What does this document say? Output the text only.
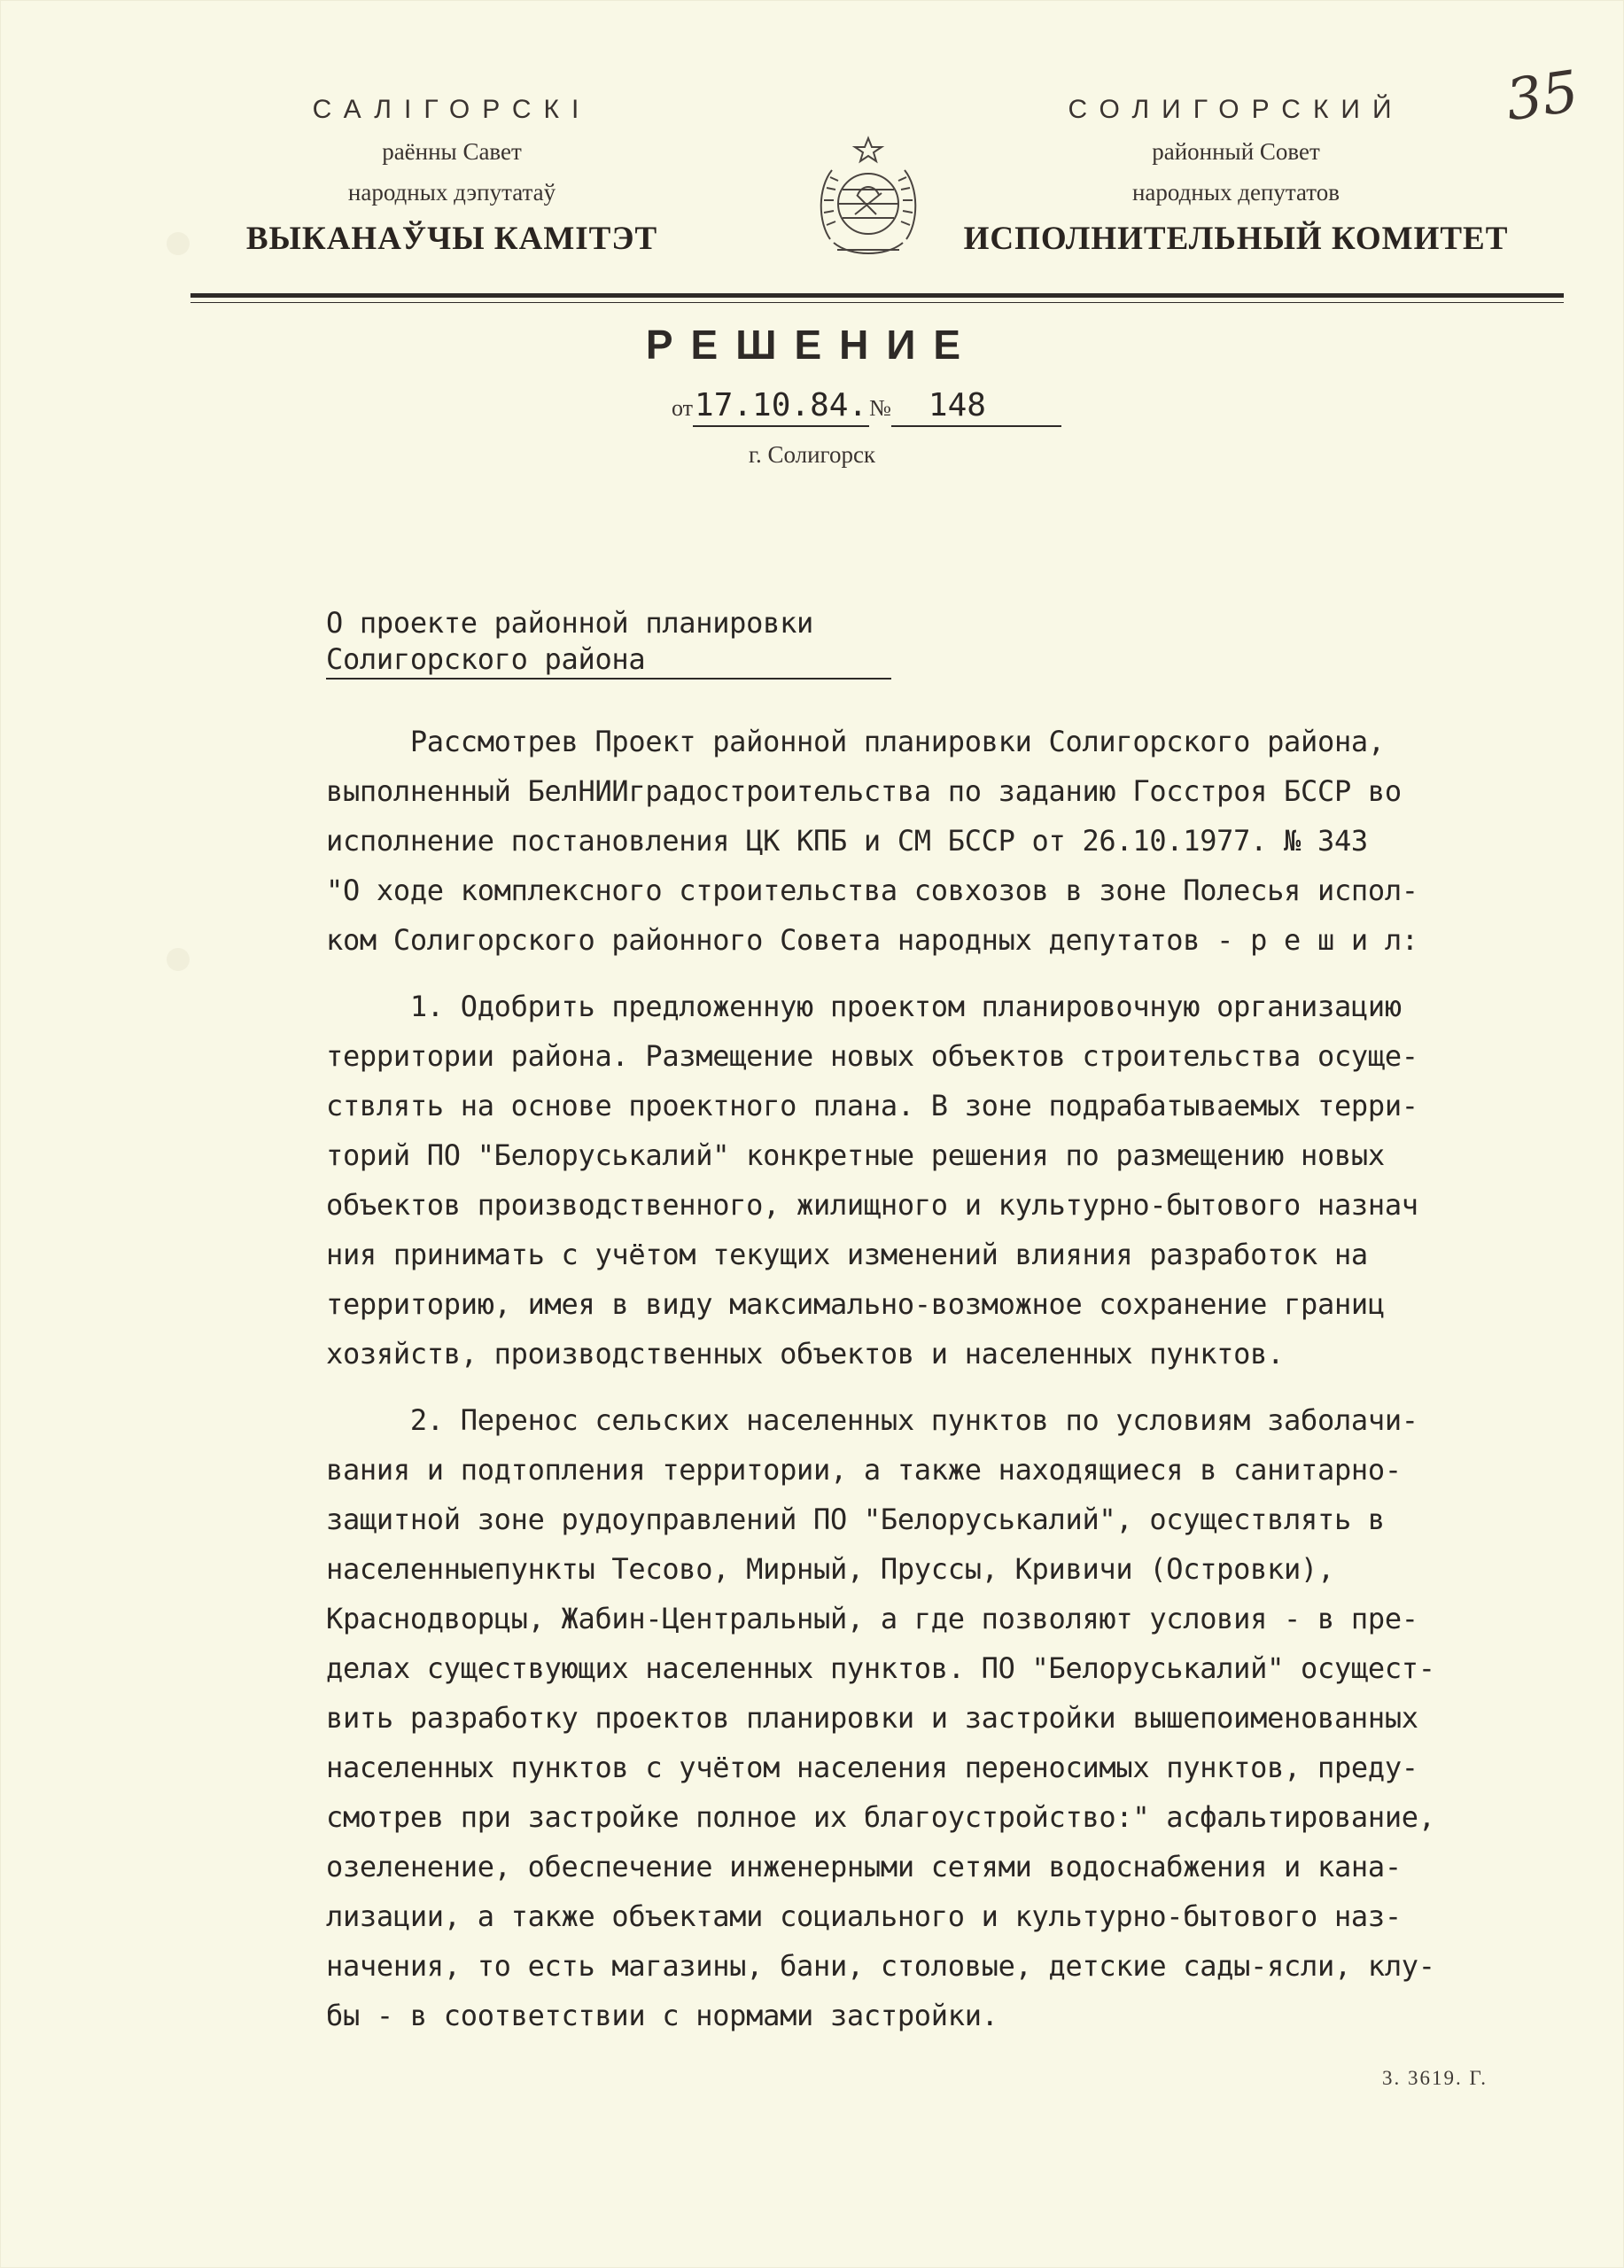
35
САЛІГОРСКІ
раённы Савет
народных дэпутатаў
ВЫКАНАЎЧЫ КАМІТЭТ
СОЛИГОРСКИЙ
районный Совет
народных депутатов
ИСПОЛНИТЕЛЬНЫЙ КОМИТЕТ
РЕШЕНИЕ
от17.10.84.№ 148
г. Солигорск
О проекте районной планировки
Солигорского района
Рассмотрев Проект районной планировки Солигорского района,
выполненный БелНИИградостроительства по заданию Госстроя БССР во
исполнение постановления ЦК КПБ и СМ БССР от 26.10.1977. № 343
"О ходе комплексного строительства совхозов в зоне Полесья испол-
ком Солигорского районного Совета народных депутатов - р е ш и л:
1. Одобрить предложенную проектом планировочную организацию
территории района. Размещение новых объектов строительства осуще-
ствлять на основе проектного плана. В зоне подрабатываемых терри-
торий ПО "Белоруськалий" конкретные решения по размещению новых
объектов производственного, жилищного и культурно-бытового назнач
ния принимать с учётом текущих изменений влияния разработок на
территорию, имея в виду максимально-возможное сохранение границ
хозяйств, производственных объектов и населенных пунктов.
2. Перенос сельских населенных пунктов по условиям заболачи-
вания и подтопления территории, а также находящиеся в санитарно-
защитной зоне рудоуправлений ПО "Белоруськалий", осуществлять в
населенныепункты Тесово, Мирный, Пруссы, Кривичи (Островки),
Краснодворцы, Жабин-Центральный, а где позволяют условия - в пре-
делах существующих населенных пунктов. ПО "Белоруськалий" осущест-
вить разработку проектов планировки и застройки вышепоименованных
населенных пунктов с учётом населения переносимых пунктов, преду-
смотрев при застройке полное их благоустройство:" асфальтирование,
озеленение, обеспечение инженерными сетями водоснабжения и кана-
лизации, а также объектами социального и культурно-бытового наз-
начения, то есть магазины, бани, столовые, детские сады-ясли, клу-
бы - в соответствии с нормами застройки.
3. 3619. Г.
